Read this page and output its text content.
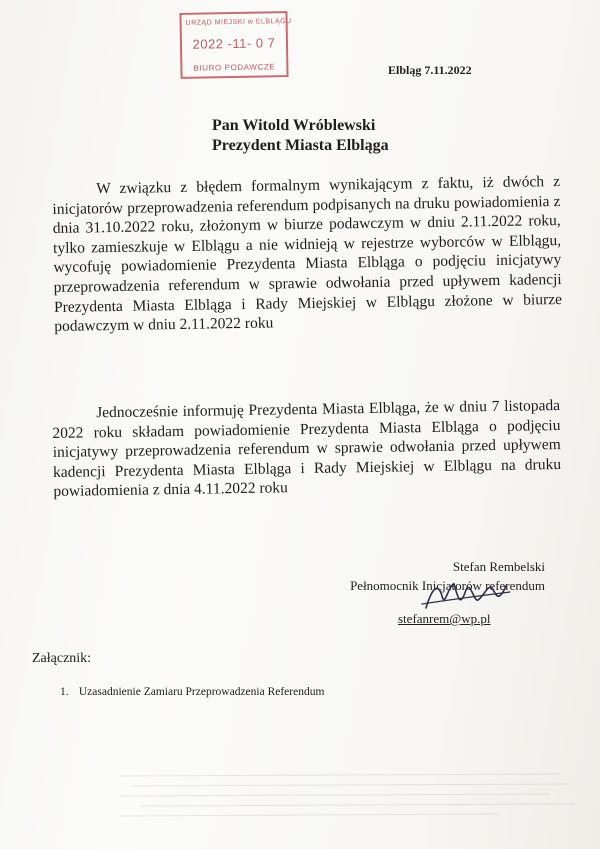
URZĄD MIEJSKI w ELBLĄGU
2022 -11- 0 7
BIURO PODAWCZE	Elbląg 7.11.2022
Pan Witold Wróblewski
Prezydent Miasta Elbląga
W związku z błędem formalnym wynikającym z faktu, iż dwóch z inicjatorów przeprowadzenia referendum podpisanych na druku powiadomienia z dnia 31.10.2022 roku, złożonym w biurze podawczym w dniu 2.11.2022 roku, tylko zamieszkuje w Elblągu a nie widnieją w rejestrze wyborców w Elblągu, wycofuję powiadomienie Prezydenta Miasta Elbląga o podjęciu inicjatywy przeprowadzenia referendum w sprawie odwołania przed upływem kadencji Prezydenta Miasta Elbląga i Rady Miejskiej w Elblągu złożone w biurze podawczym w dniu 2.11.2022 roku
Jednocześnie informuję Prezydenta Miasta Elbląga, że w dniu 7 listopada 2022 roku składam powiadomienie Prezydenta Miasta Elbląga o podjęciu inicjatywy przeprowadzenia referendum w sprawie odwołania przed upływem kadencji Prezydenta Miasta Elbląga i Rady Miejskiej w Elblągu na druku powiadomienia z dnia 4.11.2022 roku
Stefan Rembelski
Pełnomocnik Inicjatorów referendum
stefanrem@wp.pl
Załącznik:
1. Uzasadnienie Zamiaru Przeprowadzenia Referendum
